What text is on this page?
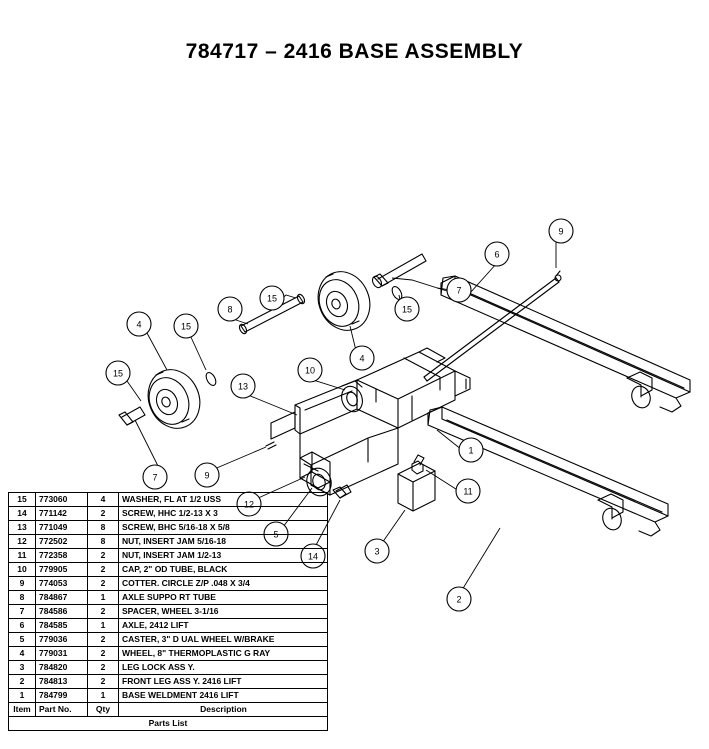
784717 – 2416 BASE ASSEMBLY
9
6
7
15
15
8
15
4
15
4
10
13
1
11
9
7
12
5
14	3
2
15	773060	4	WASHER, FL AT 1/2 USS
14	771142	2	SCREW, HHC 1/2-13 X 3
13	771049	8	SCREW, BHC 5/16-18 X 5/8
12	772502	8	NUT, INSERT JAM 5/16-18
11	772358	2	NUT, INSERT JAM 1/2-13
10	779905	2	CAP, 2" OD TUBE, BLACK
9	774053	2	COTTER. CIRCLE Z/P .048 X 3/4
8	784867	1	AXLE SUPPO RT TUBE
7	784586	2	SPACER, WHEEL 3-1/16
6	784585	1	AXLE, 2412 LIFT
5	779036	2	CASTER, 3" D UAL WHEEL W/BRAKE
4	779031	2	WHEEL, 8" THERMOPLASTIC G RAY
3	784820	2	LEG LOCK ASS Y.
2	784813	2	FRONT LEG ASS Y. 2416 LIFT
1	784799	1	BASE WELDMENT 2416 LIFT
Item	Part No.	Qty	Description
Parts List			
